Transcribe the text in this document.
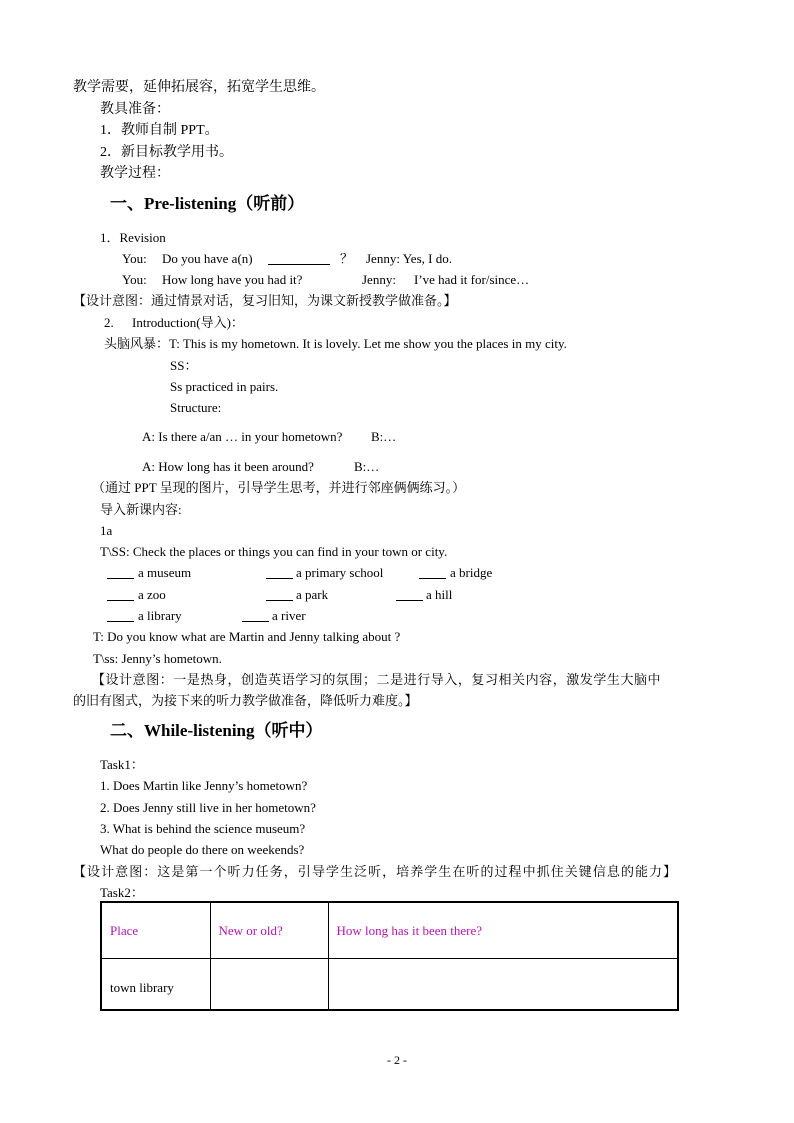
教学需要，延伸拓展容，拓宽学生思维。
教具准备：
1．教师自制 PPT。
2．新目标教学用书。
教学过程：
一、Pre-listening（听前）
1．Revision
You: Do you have a(n)	？ Jenny: Yes, I do.
You: How long have you had it?	Jenny: I’ve had it for/since…
【设计意图：通过情景对话，复习旧知，为课文新授教学做准备。】
2. Introduction(导入)：
头脑风暴：T: This is my hometown. It is lovely. Let me show you the places in my city.
SS：
Ss practiced in pairs.
Structure:
A: Is there a/an … in your hometown? B:…
A: How long has it been around?	B:…
（通过 PPT 呈现的图片，引导学生思考，并进行邻座俩俩练习。）
导入新课内容:
1a
T\SS: Check the places or things you can find in your town or city.
a museum	a primary school	a bridge
a zoo	a park	a hill
a library	a river
T: Do you know what are Martin and Jenny talking about ?
T\ss: Jenny’s hometown.
【设计意图：一是热身，创造英语学习的氛围；二是进行导入，复习相关内容，激发学生大脑中
的旧有图式，为接下来的听力教学做准备，降低听力难度。】
二、While-listening（听中）
Task1：
1. Does Martin like Jenny’s hometown?
2. Does Jenny still live in her hometown?
3. What is behind the science museum?
What do people do there on weekends?
【设计意图：这是第一个听力任务，引导学生泛听，培养学生在听的过程中抓住关键信息的能力】
Task2：
Place	New or old?	How long has it been there?
town library		
- 2 -
